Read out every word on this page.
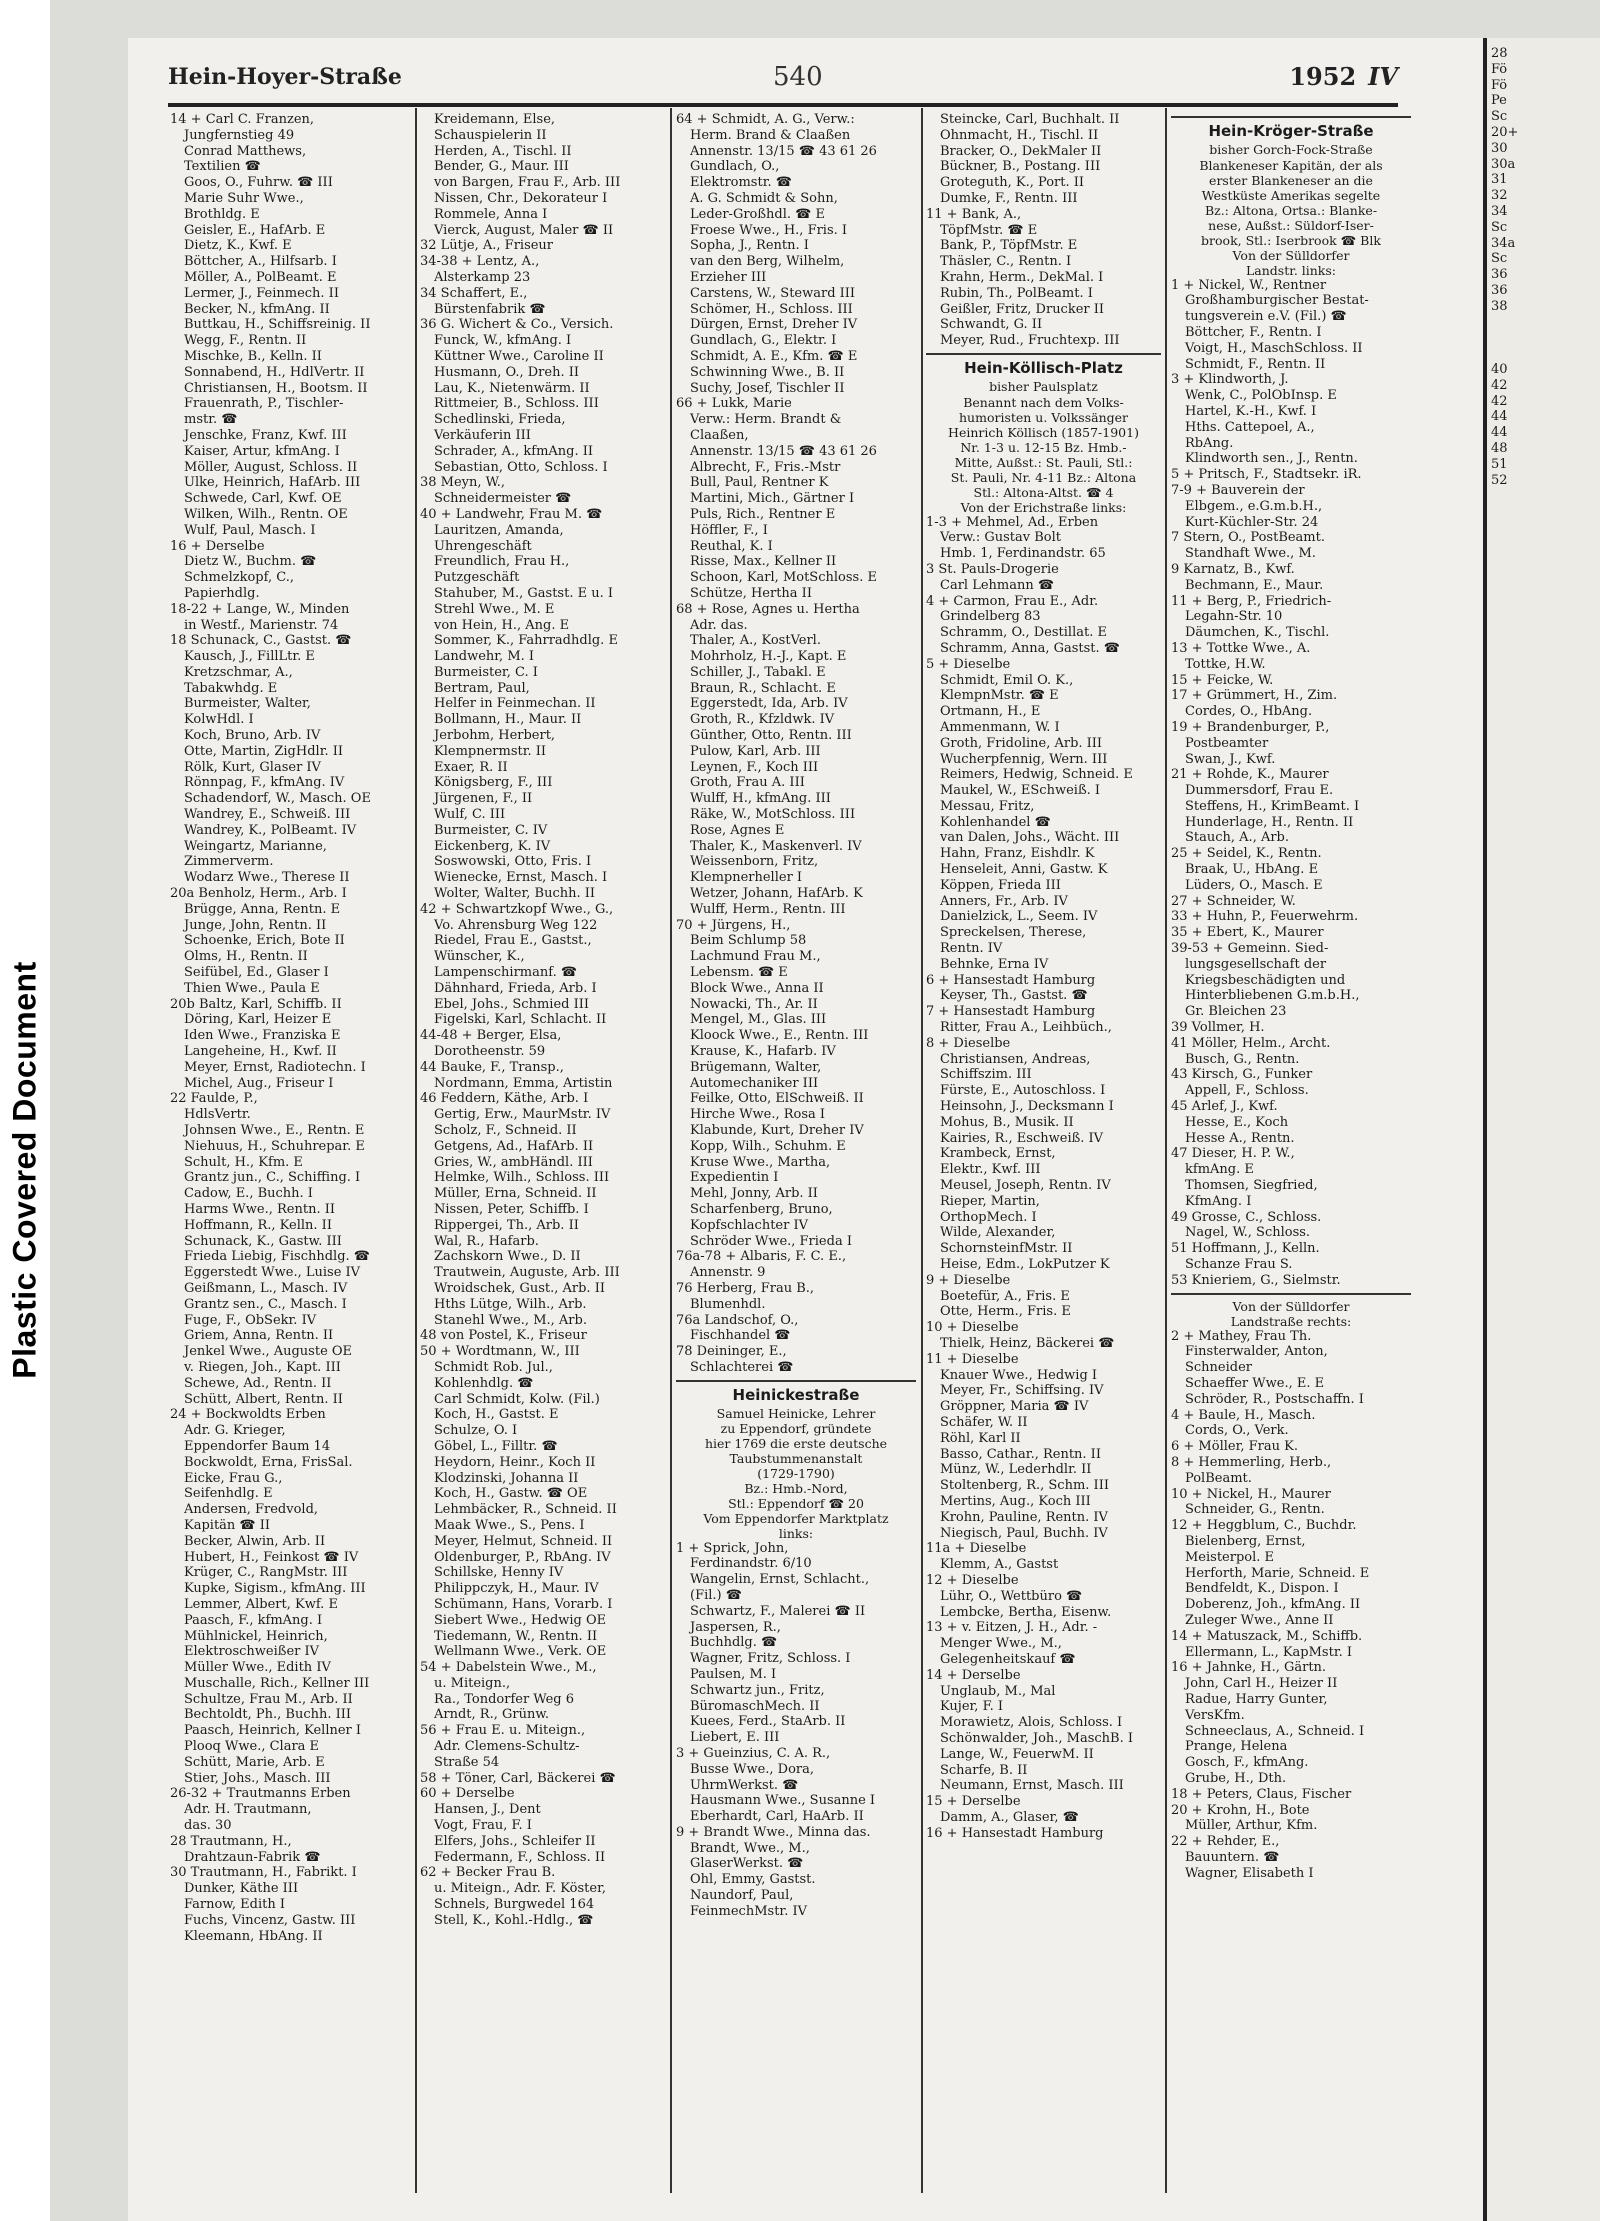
Plastic Covered Document
28
Fö
Fö
Pe
Sc
20+
30
30a
31
32
34
Sc
34a
Sc
36
36
38

40
42
42
44
44
48
51
52
Hein-Hoyer-Straße	540	1952 IV
14 + Carl C. Franzen,
Jungfernstieg 49
Conrad Matthews,
Textilien ☎
Goos, O., Fuhrw. ☎ III
Marie Suhr Wwe.,
Brothldg. E
Geisler, E., HafArb. E
Dietz, K., Kwf. E
Böttcher, A., Hilfsarb. I
Möller, A., PolBeamt. E
Lermer, J., Feinmech. II
Becker, N., kfmAng. II
Buttkau, H., Schiffsreinig. II
Wegg, F., Rentn. II
Mischke, B., Kelln. II
Sonnabend, H., HdlVertr. II
Christiansen, H., Bootsm. II
Frauenrath, P., Tischler-
mstr. ☎
Jenschke, Franz, Kwf. III
Kaiser, Artur, kfmAng. I
Möller, August, Schloss. II
Ulke, Heinrich, HafArb. III
Schwede, Carl, Kwf. OE
Wilken, Wilh., Rentn. OE
Wulf, Paul, Masch. I
16 + Derselbe
Dietz W., Buchm. ☎
Schmelzkopf, C.,
Papierhdlg.
18-22 + Lange, W., Minden
in Westf., Marienstr. 74
18 Schunack, C., Gastst. ☎
Kausch, J., FillLtr. E
Kretzschmar, A.,
Tabakwhdg. E
Burmeister, Walter,
KolwHdl. I
Koch, Bruno, Arb. IV
Otte, Martin, ZigHdlr. II
Rölk, Kurt, Glaser IV
Rönnpag, F., kfmAng. IV
Schadendorf, W., Masch. OE
Wandrey, E., Schweiß. III
Wandrey, K., PolBeamt. IV
Weingartz, Marianne,
Zimmerverm.
Wodarz Wwe., Therese II
20a Benholz, Herm., Arb. I
Brügge, Anna, Rentn. E
Junge, John, Rentn. II
Schoenke, Erich, Bote II
Olms, H., Rentn. II
Seifübel, Ed., Glaser I
Thien Wwe., Paula E
20b Baltz, Karl, Schiffb. II
Döring, Karl, Heizer E
Iden Wwe., Franziska E
Langeheine, H., Kwf. II
Meyer, Ernst, Radiotechn. I
Michel, Aug., Friseur I
22 Faulde, P.,
HdlsVertr.
Johnsen Wwe., E., Rentn. E
Niehuus, H., Schuhrepar. E
Schult, H., Kfm. E
Grantz jun., C., Schiffing. I
Cadow, E., Buchh. I
Harms Wwe., Rentn. II
Hoffmann, R., Kelln. II
Schunack, K., Gastw. III
Frieda Liebig, Fischhdlg. ☎
Eggerstedt Wwe., Luise IV
Geißmann, L., Masch. IV
Grantz sen., C., Masch. I
Fuge, F., ObSekr. IV
Griem, Anna, Rentn. II
Jenkel Wwe., Auguste OE
v. Riegen, Joh., Kapt. III
Schewe, Ad., Rentn. II
Schütt, Albert, Rentn. II
24 + Bockwoldts Erben
Adr. G. Krieger,
Eppendorfer Baum 14
Bockwoldt, Erna, FrisSal.
Eicke, Frau G.,
Seifenhdlg. E
Andersen, Fredvold,
Kapitän ☎ II
Becker, Alwin, Arb. II
Hubert, H., Feinkost ☎ IV
Krüger, C., RangMstr. III
Kupke, Sigism., kfmAng. III
Lemmer, Albert, Kwf. E
Paasch, F., kfmAng. I
Mühlnickel, Heinrich,
Elektroschweißer IV
Müller Wwe., Edith IV
Muschalle, Rich., Kellner III
Schultze, Frau M., Arb. II
Bechtoldt, Ph., Buchh. III
Paasch, Heinrich, Kellner I
Plooq Wwe., Clara E
Schütt, Marie, Arb. E
Stier, Johs., Masch. III
26-32 + Trautmanns Erben
Adr. H. Trautmann,
das. 30
28 Trautmann, H.,
Drahtzaun-Fabrik ☎
30 Trautmann, H., Fabrikt. I
Dunker, Käthe III
Farnow, Edith I
Fuchs, Vincenz, Gastw. III
Kleemann, HbAng. II
Kreidemann, Else,
Schauspielerin II
Herden, A., Tischl. II
Bender, G., Maur. III
von Bargen, Frau F., Arb. III
Nissen, Chr., Dekorateur I
Rommele, Anna I
Vierck, August, Maler ☎ II
32 Lütje, A., Friseur
34-38 + Lentz, A.,
Alsterkamp 23
34 Schaffert, E.,
Bürstenfabrik ☎
36 G. Wichert & Co., Versich.
Funck, W., kfmAng. I
Küttner Wwe., Caroline II
Husmann, O., Dreh. II
Lau, K., Nietenwärm. II
Rittmeier, B., Schloss. III
Schedlinski, Frieda,
Verkäuferin III
Schrader, A., kfmAng. II
Sebastian, Otto, Schloss. I
38 Meyn, W.,
Schneidermeister ☎
40 + Landwehr, Frau M. ☎
Lauritzen, Amanda,
Uhrengeschäft
Freundlich, Frau H.,
Putzgeschäft
Stahuber, M., Gastst. E u. I
Strehl Wwe., M. E
von Hein, H., Ang. E
Sommer, K., Fahrradhdlg. E
Landwehr, M. I
Burmeister, C. I
Bertram, Paul,
Helfer in Feinmechan. II
Bollmann, H., Maur. II
Jerbohm, Herbert,
Klempnermstr. II
Exaer, R. II
Königsberg, F., III
Jürgenen, F., II
Wulf, C. III
Burmeister, C. IV
Eickenberg, K. IV
Soswowski, Otto, Fris. I
Wienecke, Ernst, Masch. I
Wolter, Walter, Buchh. II
42 + Schwartzkopf Wwe., G.,
Vo. Ahrensburg Weg 122
Riedel, Frau E., Gastst.,
Wünscher, K.,
Lampenschirmanf. ☎
Dähnhard, Frieda, Arb. I
Ebel, Johs., Schmied III
Figelski, Karl, Schlacht. II
44-48 + Berger, Elsa,
Dorotheenstr. 59
44 Bauke, F., Transp.,
Nordmann, Emma, Artistin
46 Feddern, Käthe, Arb. I
Gertig, Erw., MaurMstr. IV
Scholz, F., Schneid. II
Getgens, Ad., HafArb. II
Gries, W., ambHändl. III
Helmke, Wilh., Schloss. III
Müller, Erna, Schneid. II
Nissen, Peter, Schiffb. I
Rippergei, Th., Arb. II
Wal, R., Hafarb.
Zachskorn Wwe., D. II
Trautwein, Auguste, Arb. III
Wroidschek, Gust., Arb. II
Hths Lütge, Wilh., Arb.
Stanehl Wwe., M., Arb.
48 von Postel, K., Friseur
50 + Wordtmann, W., III
Schmidt Rob. Jul.,
Kohlenhdlg. ☎
Carl Schmidt, Kolw. (Fil.)
Koch, H., Gastst. E
Schulze, O. I
Göbel, L., Filltr. ☎
Heydorn, Heinr., Koch II
Klodzinski, Johanna II
Koch, H., Gastw. ☎ OE
Lehmbäcker, R., Schneid. II
Maak Wwe., S., Pens. I
Meyer, Helmut, Schneid. II
Oldenburger, P., RbAng. IV
Schillske, Henny IV
Philippczyk, H., Maur. IV
Schümann, Hans, Vorarb. I
Siebert Wwe., Hedwig OE
Tiedemann, W., Rentn. II
Wellmann Wwe., Verk. OE
54 + Dabelstein Wwe., M.,
u. Miteign.,
Ra., Tondorfer Weg 6
Arndt, R., Grünw.
56 + Frau E. u. Miteign.,
Adr. Clemens-Schultz-
Straße 54
58 + Töner, Carl, Bäckerei ☎
60 + Derselbe
Hansen, J., Dent
Vogt, Frau, F. I
Elfers, Johs., Schleifer II
Federmann, F., Schloss. II
62 + Becker Frau B.
u. Miteign., Adr. F. Köster,
Schnels, Burgwedel 164
Stell, K., Kohl.-Hdlg., ☎
64 + Schmidt, A. G., Verw.:
Herm. Brand & Claaßen
Annenstr. 13/15 ☎ 43 61 26
Gundlach, O.,
Elektromstr. ☎
A. G. Schmidt & Sohn,
Leder-Großhdl. ☎ E
Froese Wwe., H., Fris. I
Sopha, J., Rentn. I
van den Berg, Wilhelm,
Erzieher III
Carstens, W., Steward III
Schömer, H., Schloss. III
Dürgen, Ernst, Dreher IV
Gundlach, G., Elektr. I
Schmidt, A. E., Kfm. ☎ E
Schwinning Wwe., B. II
Suchy, Josef, Tischler II
66 + Lukk, Marie
Verw.: Herm. Brandt &
Claaßen,
Annenstr. 13/15 ☎ 43 61 26
Albrecht, F., Fris.-Mstr
Bull, Paul, Rentner K
Martini, Mich., Gärtner I
Puls, Rich., Rentner E
Höffler, F., I
Reuthal, K. I
Risse, Max., Kellner II
Schoon, Karl, MotSchloss. E
Schütze, Hertha II
68 + Rose, Agnes u. Hertha
Adr. das.
Thaler, A., KostVerl.
Mohrholz, H.-J., Kapt. E
Schiller, J., Tabakl. E
Braun, R., Schlacht. E
Eggerstedt, Ida, Arb. IV
Groth, R., Kfzldwk. IV
Günther, Otto, Rentn. III
Pulow, Karl, Arb. III
Leynen, F., Koch III
Groth, Frau A. III
Wulff, H., kfmAng. III
Räke, W., MotSchloss. III
Rose, Agnes E
Thaler, K., Maskenverl. IV
Weissenborn, Fritz,
Klempnerheller I
Wetzer, Johann, HafArb. K
Wulff, Herm., Rentn. III
70 + Jürgens, H.,
Beim Schlump 58
Lachmund Frau M.,
Lebensm. ☎ E
Block Wwe., Anna II
Nowacki, Th., Ar. II
Mengel, M., Glas. III
Kloock Wwe., E., Rentn. III
Krause, K., Hafarb. IV
Brügemann, Walter,
Automechaniker III
Feilke, Otto, ElSchweiß. II
Hirche Wwe., Rosa I
Klabunde, Kurt, Dreher IV
Kopp, Wilh., Schuhm. E
Kruse Wwe., Martha,
Expedientin I
Mehl, Jonny, Arb. II
Scharfenberg, Bruno,
Kopfschlachter IV
Schröder Wwe., Frieda I
76a-78 + Albaris, F. C. E.,
Annenstr. 9
76 Herberg, Frau B.,
Blumenhdl.
76a Landschof, O.,
Fischhandel ☎
78 Deininger, E.,
Schlachterei ☎
Heinickestraße
Samuel Heinicke, Lehrer
zu Eppendorf, gründete
hier 1769 die erste deutsche
Taubstummenanstalt
(1729-1790)
Bz.: Hmb.-Nord,
Stl.: Eppendorf ☎ 20
Vom Eppendorfer Marktplatz
links:
1 + Sprick, John,
Ferdinandstr. 6/10
Wangelin, Ernst, Schlacht.,
(Fil.) ☎
Schwartz, F., Malerei ☎ II
Jaspersen, R.,
Buchhdlg. ☎
Wagner, Fritz, Schloss. I
Paulsen, M. I
Schwartz jun., Fritz,
BüromaschMech. II
Kuees, Ferd., StaArb. II
Liebert, E. III
3 + Gueinzius, C. A. R.,
Busse Wwe., Dora,
UhrmWerkst. ☎
Hausmann Wwe., Susanne I
Eberhardt, Carl, HaArb. II
9 + Brandt Wwe., Minna das.
Brandt, Wwe., M.,
GlaserWerkst. ☎
Ohl, Emmy, Gastst.
Naundorf, Paul,
FeinmechMstr. IV
Steincke, Carl, Buchhalt. II
Ohnmacht, H., Tischl. II
Bracker, O., DekMaler II
Bückner, B., Postang. III
Groteguth, K., Port. II
Dumke, F., Rentn. III
11 + Bank, A.,
TöpfMstr. ☎ E
Bank, P., TöpfMstr. E
Thäsler, C., Rentn. I
Krahn, Herm., DekMal. I
Rubin, Th., PolBeamt. I
Geißler, Fritz, Drucker II
Schwandt, G. II
Meyer, Rud., Fruchtexp. III
Hein-Köllisch-Platz
bisher Paulsplatz
Benannt nach dem Volks-
humoristen u. Volkssänger
Heinrich Köllisch (1857-1901)
Nr. 1-3 u. 12-15 Bz. Hmb.-
Mitte, Außst.: St. Pauli, Stl.:
St. Pauli, Nr. 4-11 Bz.: Altona
Stl.: Altona-Altst. ☎ 4
Von der Erichstraße links:
1-3 + Mehmel, Ad., Erben
Verw.: Gustav Bolt
Hmb. 1, Ferdinandstr. 65
3 St. Pauls-Drogerie
Carl Lehmann ☎
4 + Carmon, Frau E., Adr.
Grindelberg 83
Schramm, O., Destillat. E
Schramm, Anna, Gastst. ☎
5 + Dieselbe
Schmidt, Emil O. K.,
KlempnMstr. ☎ E
Ortmann, H., E
Ammenmann, W. I
Groth, Fridoline, Arb. III
Wucherpfennig, Wern. III
Reimers, Hedwig, Schneid. E
Maukel, W., ESchweiß. I
Messau, Fritz,
Kohlenhandel ☎
van Dalen, Johs., Wächt. III
Hahn, Franz, Eishdlr. K
Henseleit, Anni, Gastw. K
Köppen, Frieda III
Anners, Fr., Arb. IV
Danielzick, L., Seem. IV
Spreckelsen, Therese,
Rentn. IV
Behnke, Erna IV
6 + Hansestadt Hamburg
Keyser, Th., Gastst. ☎
7 + Hansestadt Hamburg
Ritter, Frau A., Leihbüch.,
8 + Dieselbe
Christiansen, Andreas,
Schiffszim. III
Fürste, E., Autoschloss. I
Heinsohn, J., Decksmann I
Mohus, B., Musik. II
Kairies, R., Eschweiß. IV
Krambeck, Ernst,
Elektr., Kwf. III
Meusel, Joseph, Rentn. IV
Rieper, Martin,
OrthopMech. I
Wilde, Alexander,
SchornsteinfMstr. II
Heise, Edm., LokPutzer K
9 + Dieselbe
Boetefür, A., Fris. E
Otte, Herm., Fris. E
10 + Dieselbe
Thielk, Heinz, Bäckerei ☎
11 + Dieselbe
Knauer Wwe., Hedwig I
Meyer, Fr., Schiffsing. IV
Gröppner, Maria ☎ IV
Schäfer, W. II
Röhl, Karl II
Basso, Cathar., Rentn. II
Münz, W., Lederhdlr. II
Stoltenberg, R., Schm. III
Mertins, Aug., Koch III
Krohn, Pauline, Rentn. IV
Niegisch, Paul, Buchh. IV
11a + Dieselbe
Klemm, A., Gastst
12 + Dieselbe
Lühr, O., Wettbüro ☎
Lembcke, Bertha, Eisenw.
13 + v. Eitzen, J. H., Adr. -
Menger Wwe., M.,
Gelegenheitskauf ☎
14 + Derselbe
Unglaub, M., Mal
Kujer, F. I
Morawietz, Alois, Schloss. I
Schönwalder, Joh., MaschB. I
Lange, W., FeuerwM. II
Scharfe, B. II
Neumann, Ernst, Masch. III
15 + Derselbe
Damm, A., Glaser, ☎
16 + Hansestadt Hamburg
Hein-Kröger-Straße
bisher Gorch-Fock-Straße
Blankeneser Kapitän, der als
erster Blankeneser an die
Westküste Amerikas segelte
Bz.: Altona, Ortsa.: Blanke-
nese, Außst.: Süldorf-Iser-
brook, Stl.: Iserbrook ☎ Blk
Von der Sülldorfer
Landstr. links:
1 + Nickel, W., Rentner
Großhamburgischer Bestat-
tungsverein e.V. (Fil.) ☎
Böttcher, F., Rentn. I
Voigt, H., MaschSchloss. II
Schmidt, F., Rentn. II
3 + Klindworth, J.
Wenk, C., PolObInsp. E
Hartel, K.-H., Kwf. I
Hths. Cattepoel, A.,
RbAng.
Klindworth sen., J., Rentn.
5 + Pritsch, F., Stadtsekr. iR.
7-9 + Bauverein der
Elbgem., e.G.m.b.H.,
Kurt-Küchler-Str. 24
7 Stern, O., PostBeamt.
Standhaft Wwe., M.
9 Karnatz, B., Kwf.
Bechmann, E., Maur.
11 + Berg, P., Friedrich-
Legahn-Str. 10
Däumchen, K., Tischl.
13 + Tottke Wwe., A.
Tottke, H.W.
15 + Feicke, W.
17 + Grümmert, H., Zim.
Cordes, O., HbAng.
19 + Brandenburger, P.,
Postbeamter
Swan, J., Kwf.
21 + Rohde, K., Maurer
Dummersdorf, Frau E.
Steffens, H., KrimBeamt. I
Hunderlage, H., Rentn. II
Stauch, A., Arb.
25 + Seidel, K., Rentn.
Braak, U., HbAng. E
Lüders, O., Masch. E
27 + Schneider, W.
33 + Huhn, P., Feuerwehrm.
35 + Ebert, K., Maurer
39-53 + Gemeinn. Sied-
lungsgesellschaft der
Kriegsbeschädigten und
Hinterbliebenen G.m.b.H.,
Gr. Bleichen 23
39 Vollmer, H.
41 Möller, Helm., Archt.
Busch, G., Rentn.
43 Kirsch, G., Funker
Appell, F., Schloss.
45 Arlef, J., Kwf.
Hesse, E., Koch
Hesse A., Rentn.
47 Dieser, H. P. W.,
kfmAng. E
Thomsen, Siegfried,
KfmAng. I
49 Grosse, C., Schloss.
Nagel, W., Schloss.
51 Hoffmann, J., Kelln.
Schanze Frau S.
53 Knieriem, G., Sielmstr.
Von der Sülldorfer
Landstraße rechts:
2 + Mathey, Frau Th.
Finsterwalder, Anton,
Schneider
Schaeffer Wwe., E. E
Schröder, R., Postschaffn. I
4 + Baule, H., Masch.
Cords, O., Verk.
6 + Möller, Frau K.
8 + Hemmerling, Herb.,
PolBeamt.
10 + Nickel, H., Maurer
Schneider, G., Rentn.
12 + Heggblum, C., Buchdr.
Bielenberg, Ernst,
Meisterpol. E
Herforth, Marie, Schneid. E
Bendfeldt, K., Dispon. I
Doberenz, Joh., kfmAng. II
Zuleger Wwe., Anne II
14 + Matuszack, M., Schiffb.
Ellermann, L., KapMstr. I
16 + Jahnke, H., Gärtn.
John, Carl H., Heizer II
Radue, Harry Gunter,
VersKfm.
Schneeclaus, A., Schneid. I
Prange, Helena
Gosch, F., kfmAng.
Grube, H., Dth.
18 + Peters, Claus, Fischer
20 + Krohn, H., Bote
Müller, Arthur, Kfm.
22 + Rehder, E.,
Bauuntern. ☎
Wagner, Elisabeth I
